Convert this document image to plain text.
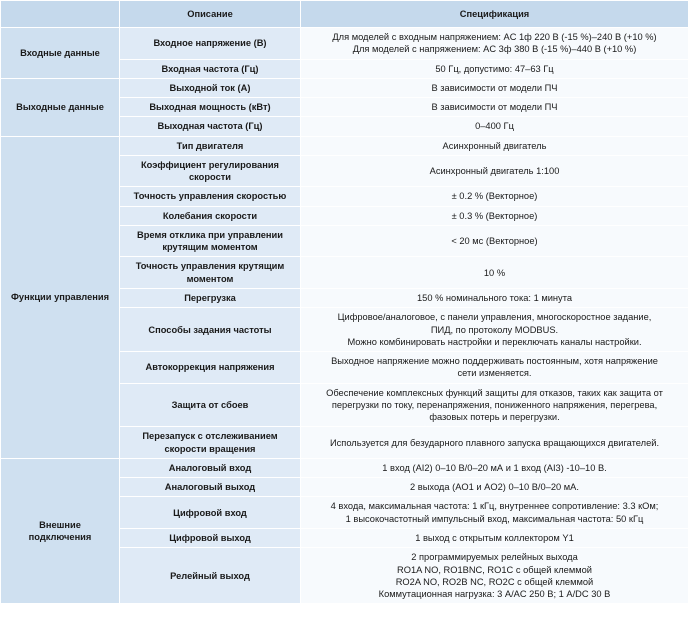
	Описание	Спецификация
Входные данные	Входное напряжение (В)	Для моделей с входным напряжением: AC 1ф 220 В (-15 %)–240 В (+10 %)
Для моделей с напряжением: AC 3ф 380 В (-15 %)–440 В (+10 %)

	Входная частота (Гц)	50 Гц, допустимо: 47–63 Гц

Выходные данные	Выходной ток (А)	В зависимости от модели ПЧ

	Выходная мощность (кВт)	В зависимости от модели ПЧ

	Выходная частота (Гц)	0–400 Гц

Функции управления	Тип двигателя	Асинхронный двигатель

	Коэффициент регулирования скорости	Асинхронный двигатель 1:100

	Точность управления скоростью	± 0.2 % (Векторное)

	Колебания скорости	± 0.3 % (Векторное)

	Время отклика при управлении крутящим моментом	< 20 мс (Векторное)

	Точность управления крутящим моментом	10 %

	Перегрузка	150 % номинального тока: 1 минута

	Способы задания частоты	Цифровое/аналоговое, с панели управления, многоскоростное задание,
ПИД, по протоколу MODBUS.
Можно комбинировать настройки и переключать каналы настройки.

	Автокоррекция напряжения	Выходное напряжение можно поддерживать постоянным, хотя напряжение
сети изменяется.

	Защита от сбоев	Обеспечение комплексных функций защиты для отказов, таких как защита от
перегрузки по току, перенапряжения, пониженного напряжения, перегрева,
фазовых потерь и перегрузки.

	Перезапуск с отслеживанием скорости вращения	Используется для безударного плавного запуска вращающихся двигателей.

Внешние подключения	Аналоговый вход	1 вход (AI2) 0–10 В/0–20 мА и 1 вход (AI3) -10–10 В.

	Аналоговый выход	2 выхода (AO1 и AO2) 0–10 В/0–20 мА.

	Цифровой вход	4 входа, максимальная частота: 1 кГц, внутреннее сопротивление: 3.3 кОм;
1 высокочастотный импульсный вход, максимальная частота: 50 кГц

	Цифровой выход	1 выход с открытым коллектором Y1

	Релейный выход	2 программируемых релейных выхода
RO1A NO, RO1BNC, RO1C с общей клеммой
RO2A NO, RO2B NC, RO2C с общей клеммой
Коммутационная нагрузка: 3 А/AC 250 В; 1 А/DC 30 В
